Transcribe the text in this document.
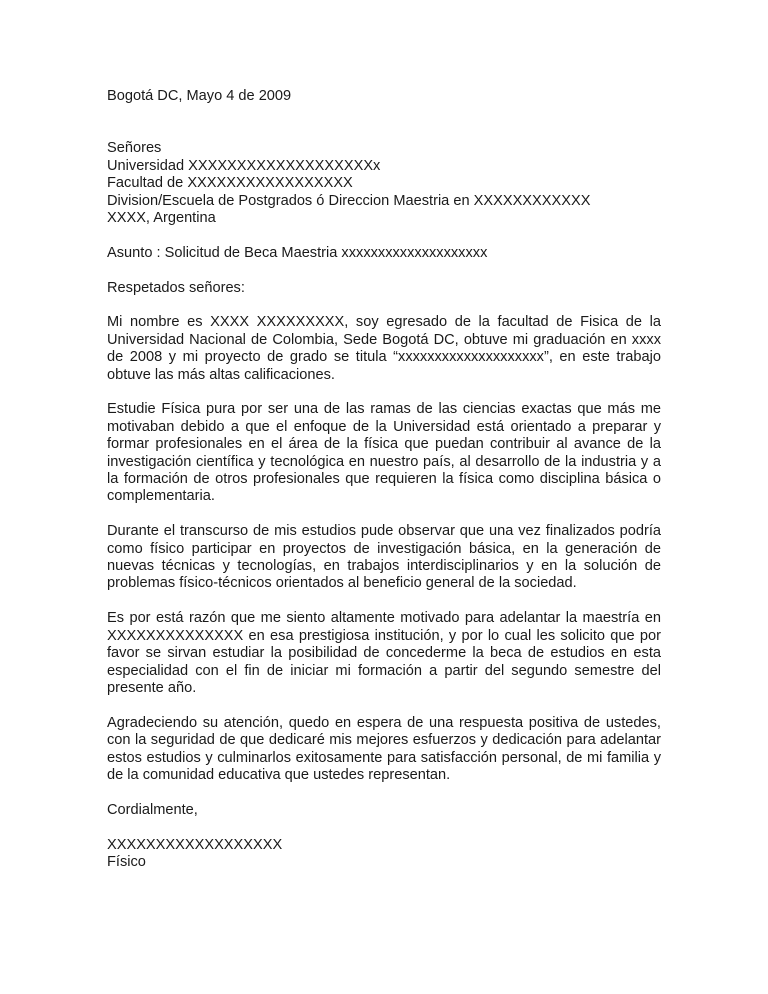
Bogotá DC, Mayo 4 de 2009
Señores
Universidad XXXXXXXXXXXXXXXXXXXx
Facultad de XXXXXXXXXXXXXXXXX
Division/Escuela de Postgrados ó Direccion Maestria en XXXXXXXXXXXX
XXXX, Argentina
Asunto : Solicitud de Beca Maestria xxxxxxxxxxxxxxxxxxxx
Respetados señores:

Mi nombre es XXXX XXXXXXXXX, soy egresado de la facultad de Fisica de la Universidad Nacional de Colombia, Sede Bogotá DC, obtuve mi graduación en xxxx de 2008 y mi proyecto de grado se titula “xxxxxxxxxxxxxxxxxxxx”, en este trabajo obtuve las más altas calificaciones.

Estudie Física pura por ser una de las ramas de las ciencias exactas que más me motivaban debido a que el enfoque de la Universidad está orientado a preparar y formar profesionales en el área de la física que puedan contribuir al avance de la investigación científica y tecnológica en nuestro país, al desarrollo de la industria y a la formación de otros profesionales que requieren la física como disciplina básica o complementaria.

Durante el transcurso de mis estudios pude observar que una vez finalizados podría como físico participar en proyectos de investigación básica, en la generación de nuevas técnicas y tecnologías, en trabajos interdisciplinarios y en la solución de problemas físico-técnicos orientados al beneficio general de la sociedad.

Es por está razón que me siento altamente motivado para adelantar la maestría en XXXXXXXXXXXXXX en esa prestigiosa institución, y por lo cual les solicito que por favor se sirvan estudiar la posibilidad de concederme la beca de estudios en esta especialidad con el fin de iniciar mi formación a partir del segundo semestre del presente año.

Agradeciendo su atención, quedo en espera de una respuesta positiva de ustedes, con la seguridad de que dedicaré mis mejores esfuerzos y dedicación para adelantar estos estudios y culminarlos exitosamente para satisfacción personal, de mi familia y de la comunidad educativa que ustedes representan.

Cordialmente,
XXXXXXXXXXXXXXXXXX
Físico
